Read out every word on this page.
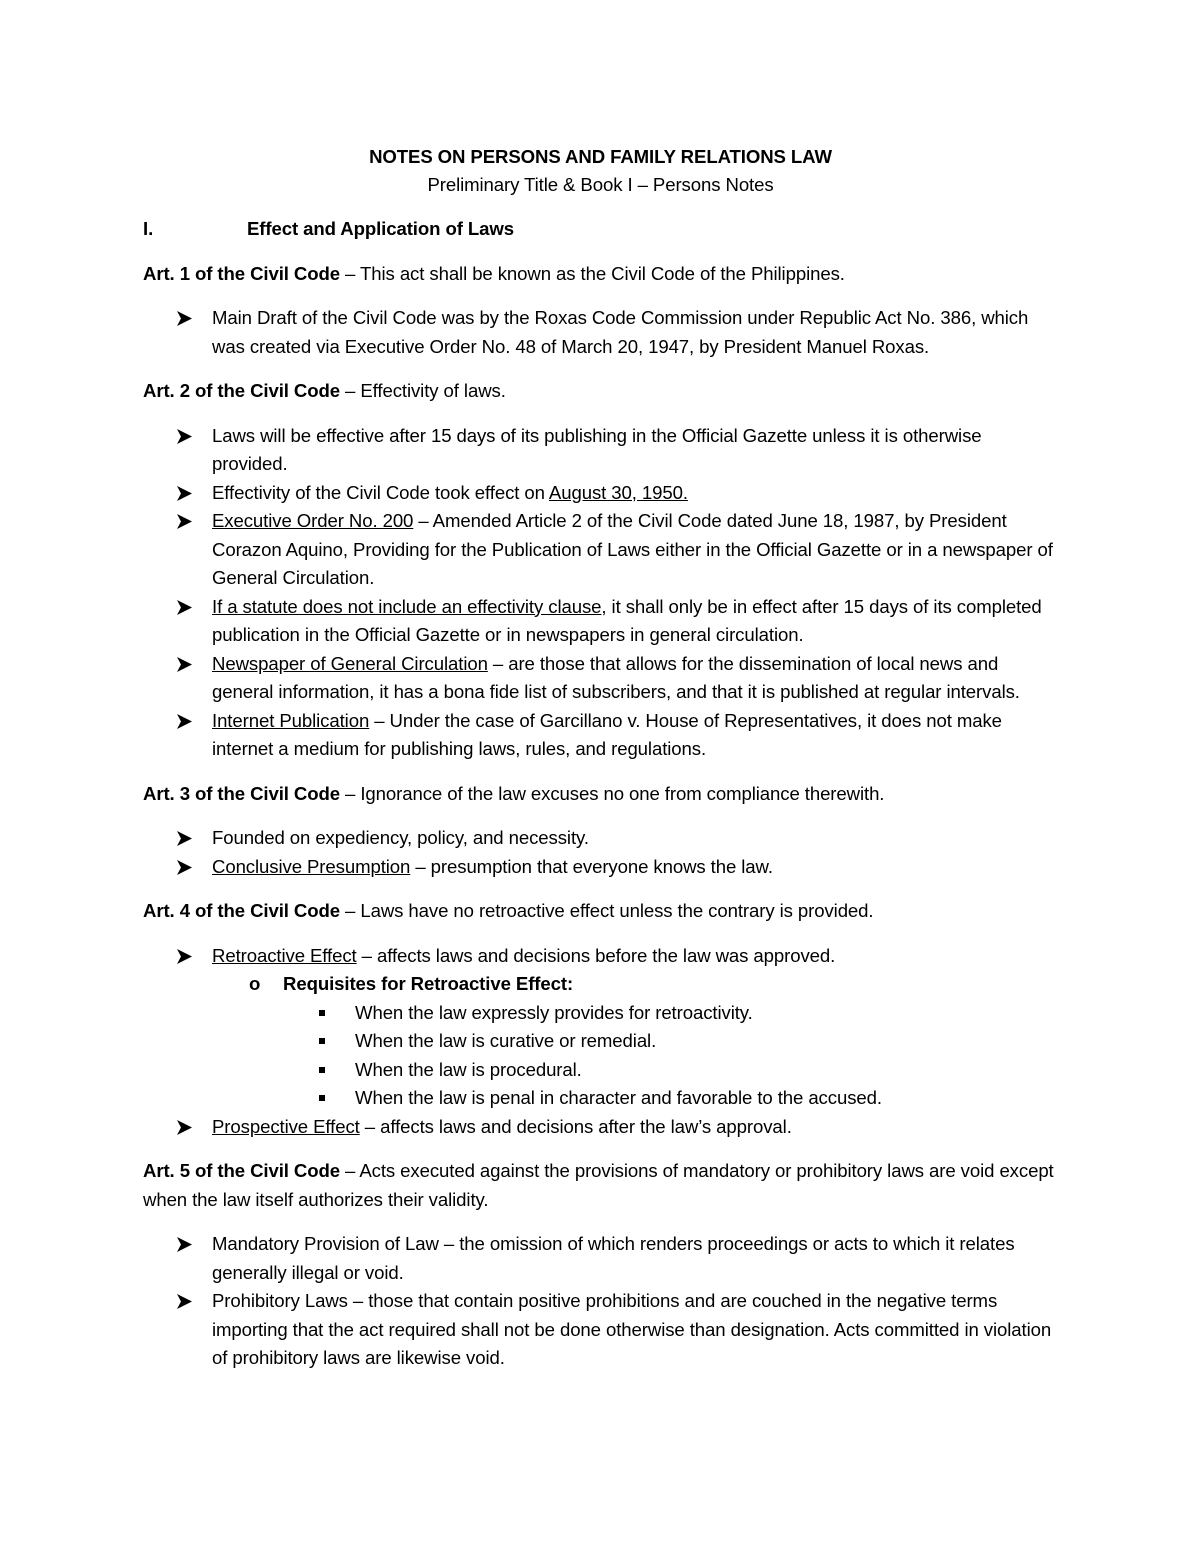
NOTES ON PERSONS AND FAMILY RELATIONS LAW

Preliminary Title & Book I – Persons Notes

I.	Effect and Application of Laws

Art. 1 of the Civil Code – This act shall be known as the Civil Code of the Philippines.

Main Draft of the Civil Code was by the Roxas Code Commission under Republic Act No. 386, which was created via Executive Order No. 48 of March 20, 1947, by President Manuel Roxas.

Art. 2 of the Civil Code – Effectivity of laws.

Laws will be effective after 15 days of its publishing in the Official Gazette unless it is otherwise provided.
Effectivity of the Civil Code took effect on August 30, 1950.
Executive Order No. 200 – Amended Article 2 of the Civil Code dated June 18, 1987, by President Corazon Aquino, Providing for the Publication of Laws either in the Official Gazette or in a newspaper of General Circulation.
If a statute does not include an effectivity clause, it shall only be in effect after 15 days of its completed publication in the Official Gazette or in newspapers in general circulation.
Newspaper of General Circulation – are those that allows for the dissemination of local news and general information, it has a bona fide list of subscribers, and that it is published at regular intervals.
Internet Publication – Under the case of Garcillano v. House of Representatives, it does not make internet a medium for publishing laws, rules, and regulations.

Art. 3 of the Civil Code – Ignorance of the law excuses no one from compliance therewith.

Founded on expediency, policy, and necessity.
Conclusive Presumption – presumption that everyone knows the law.

Art. 4 of the Civil Code – Laws have no retroactive effect unless the contrary is provided.

Retroactive Effect – affects laws and decisions before the law was approved.
o Requisites for Retroactive Effect:
When the law expressly provides for retroactivity.
When the law is curative or remedial.
When the law is procedural.
When the law is penal in character and favorable to the accused.
Prospective Effect – affects laws and decisions after the law’s approval.

Art. 5 of the Civil Code – Acts executed against the provisions of mandatory or prohibitory laws are void except when the law itself authorizes their validity.

Mandatory Provision of Law – the omission of which renders proceedings or acts to which it relates generally illegal or void.
Prohibitory Laws – those that contain positive prohibitions and are couched in the negative terms importing that the act required shall not be done otherwise than designation. Acts committed in violation of prohibitory laws are likewise void.
